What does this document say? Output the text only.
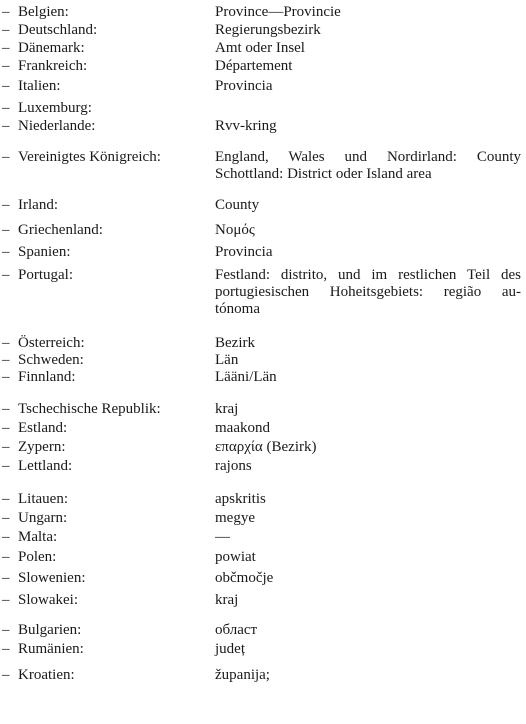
– Belgien:	Province—Provincie
– Deutschland:	Regierungsbezirk
– Dänemark:	Amt oder Insel
– Frankreich:	Département
– Italien:	Provincia
– Luxemburg:
– Niederlande:	Rvv-kring
– Vereinigtes Königreich:	England, Wales und Nordirland: County
Schottland: District oder Island area
– Irland:	County
– Griechenland:	Νομός
– Spanien:	Provincia
– Portugal:	Festland: distrito, und im restlichen Teil des
portugiesischen Hoheitsgebiets: região au-
tónoma
– Österreich:	Bezirk
– Schweden:	Län
– Finnland:	Lääni/Län
– Tschechische Republik:	kraj
– Estland:	maakond
– Zypern:	επαρχία (Bezirk)
– Lettland:	rajons
– Litauen:	apskritis
– Ungarn:	megye
– Malta:	—
– Polen:	powiat
– Slowenien:	občmočje
– Slowakei:	kraj
– Bulgarien:	област
– Rumänien:	județ
– Kroatien:	županija;
